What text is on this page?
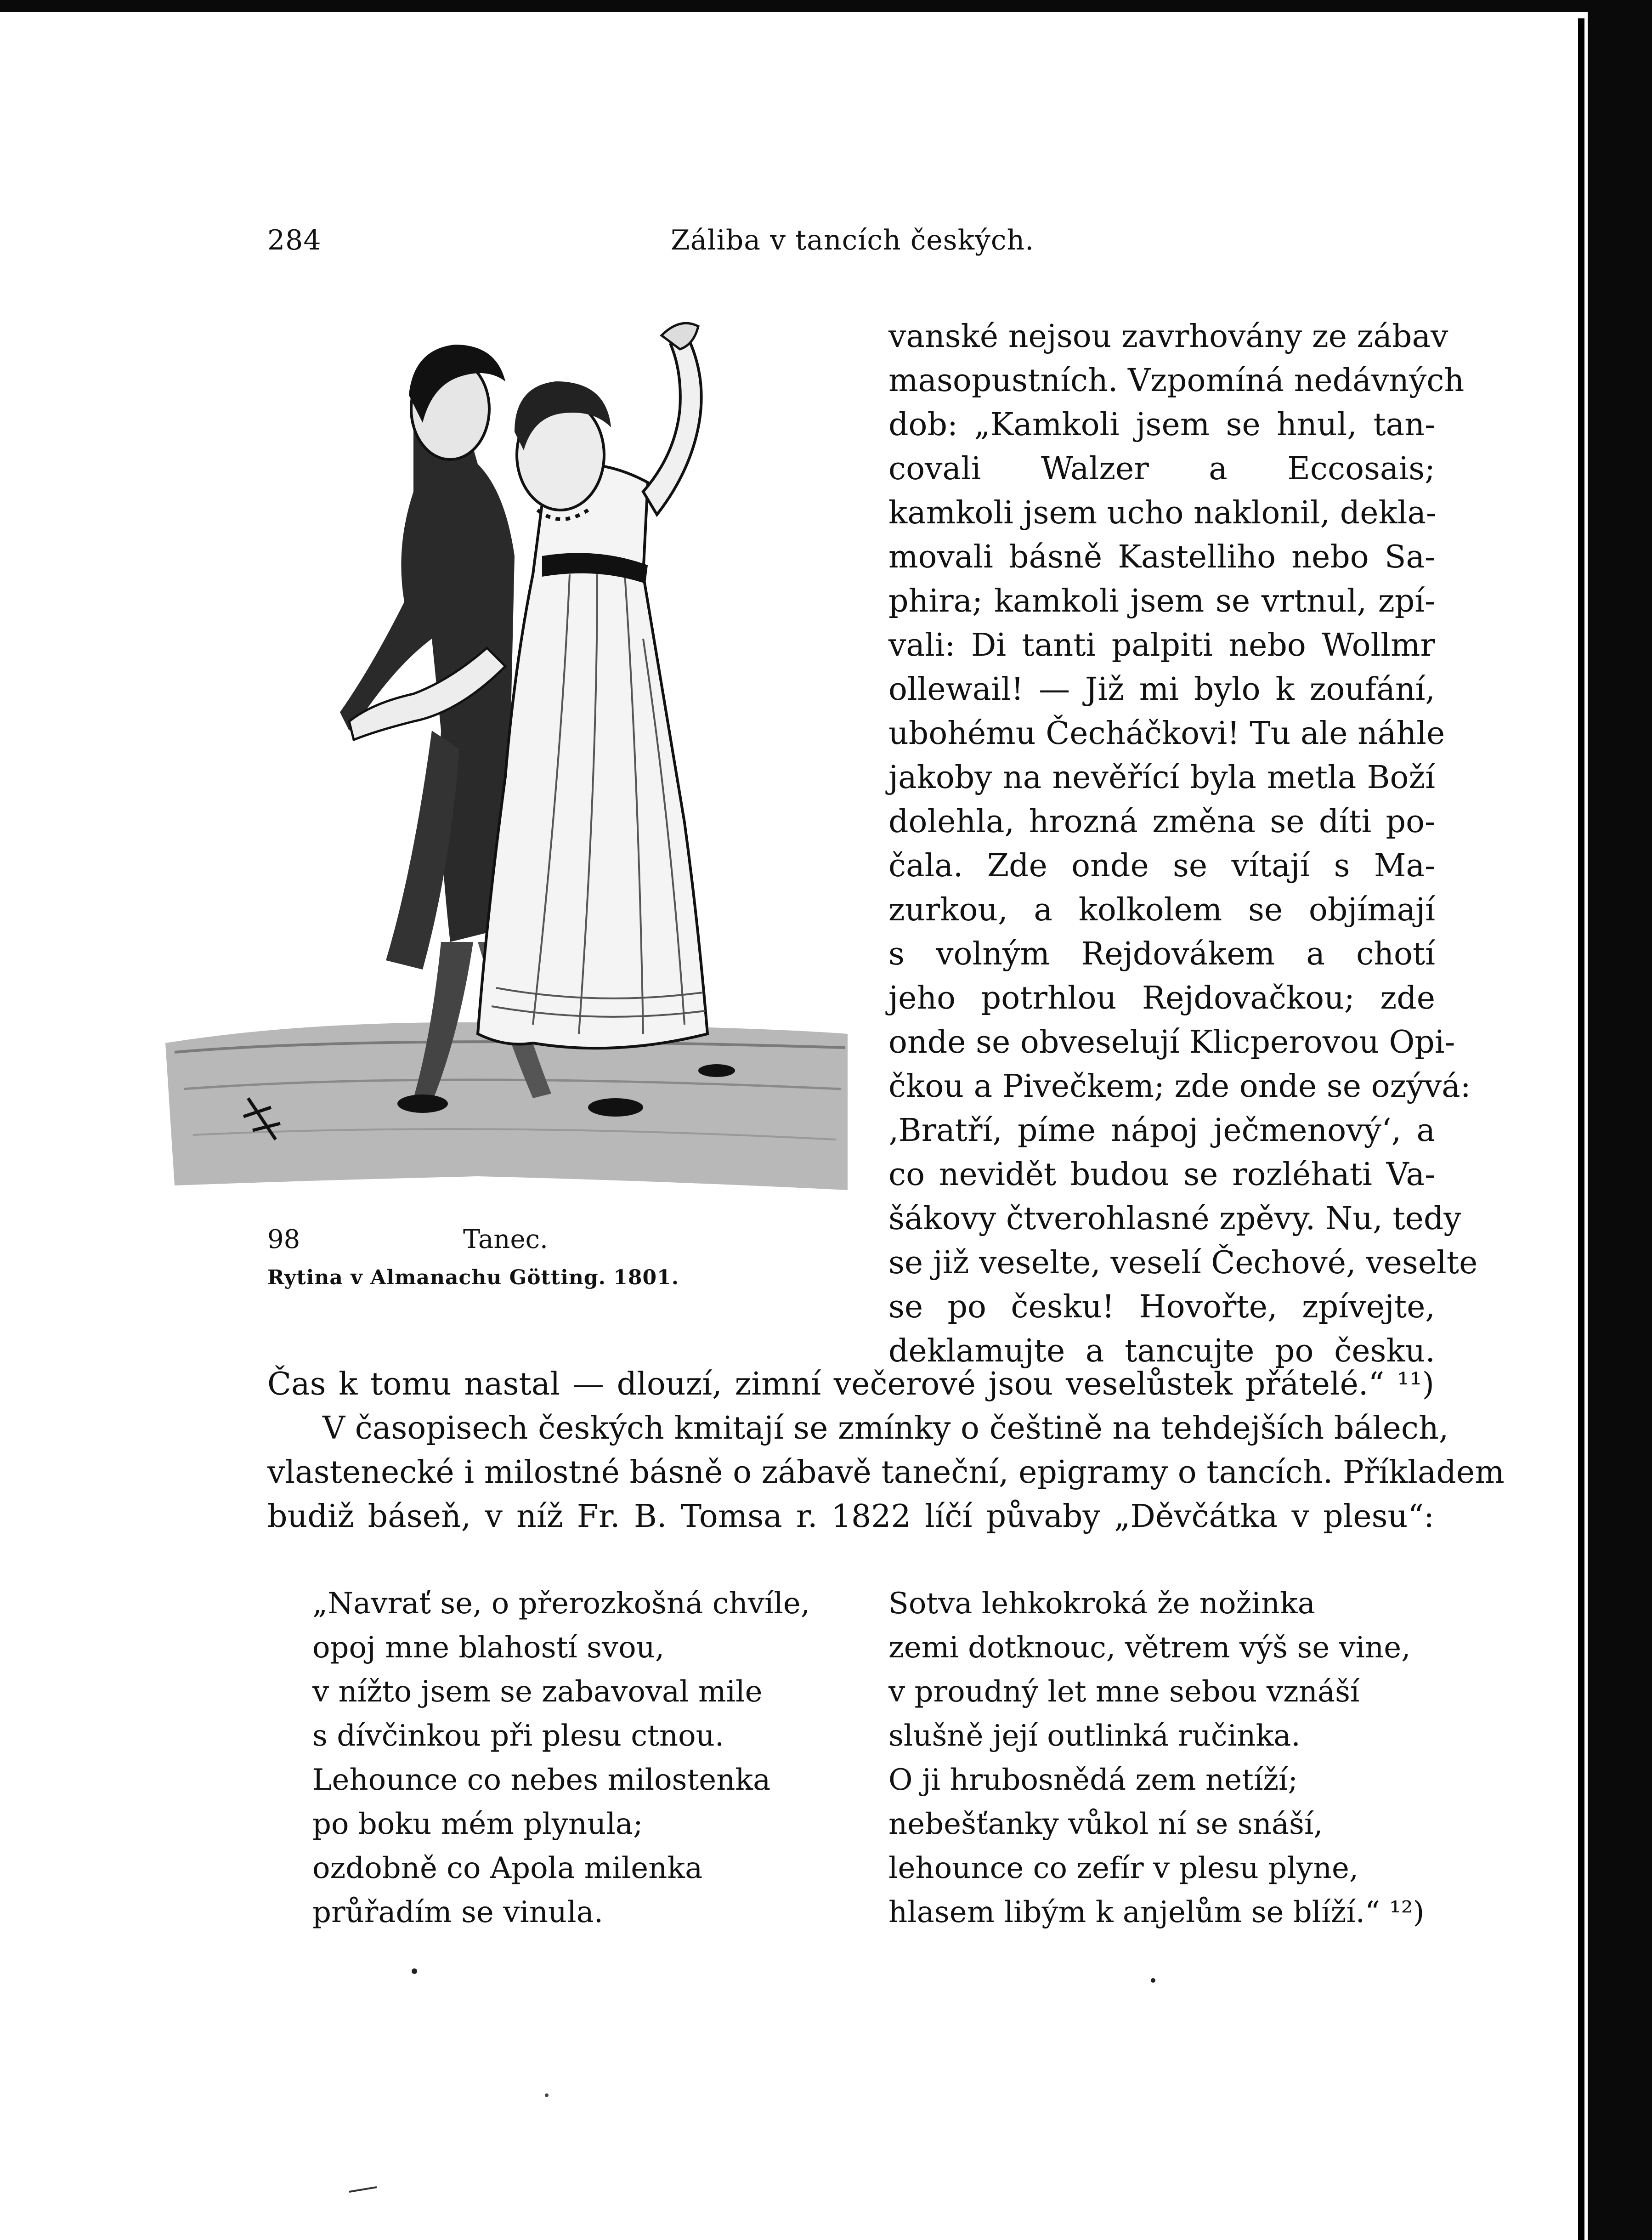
284	Záliba v tancích českých.
98	Tanec.
Rytina v Almanachu Götting. 1801.
vanské nejsou zavrhovány ze zábav
masopustních. Vzpomíná nedávných
dob: „Kamkoli jsem se hnul, tan-
covali Walzer a Eccosais;
kamkoli jsem ucho naklonil, dekla-
movali básně Kastelliho nebo Sa-
phira; kamkoli jsem se vrtnul, zpí-
vali: Di tanti palpiti nebo Wollmr
ollewail! — Již mi bylo k zoufání,
ubohému Čecháčkovi! Tu ale náhle
jakoby na nevěřící byla metla Boží
dolehla, hrozná změna se díti po-
čala. Zde onde se vítají s Ma-
zurkou, a kolkolem se objímají
s volným Rejdovákem a chotí
jeho potrhlou Rejdovačkou; zde
onde se obveselují Klicperovou Opi-
čkou a Pivečkem; zde onde se ozývá:
‚Bratří, píme nápoj ječmenový‘, a
co nevidět budou se rozléhati Va-
šákovy čtverohlasné zpěvy. Nu, tedy
se již veselte, veselí Čechové, veselte
se po česku! Hovořte, zpívejte,
deklamujte a tancujte po česku.
Čas k tomu nastal — dlouzí, zimní večerové jsou veselůstek přátelé.“ ¹¹)
V časopisech českých kmitají se zmínky o češtině na tehdejších bálech,
vlastenecké i milostné básně o zábavě taneční, epigramy o tancích. Příkladem
budiž báseň, v níž Fr. B. Tomsa r. 1822 líčí půvaby „Děvčátka v plesu“:
„Navrať se, o přerozkošná chvíle,
opoj mne blahostí svou,
v nížto jsem se zabavoval mile
s dívčinkou při plesu ctnou.
Lehounce co nebes milostenka
po boku mém plynula;
ozdobně co Apola milenka
průřadím se vinula.
Sotva lehkokroká že nožinka
zemi dotknouc, větrem výš se vine,
v proudný let mne sebou vznáší
slušně její outlinká ručinka.
O ji hrubosnědá zem netíží;
nebešťanky vůkol ní se snáší,
lehounce co zefír v plesu plyne,
hlasem libým k anjelům se blíží.“ ¹²)
